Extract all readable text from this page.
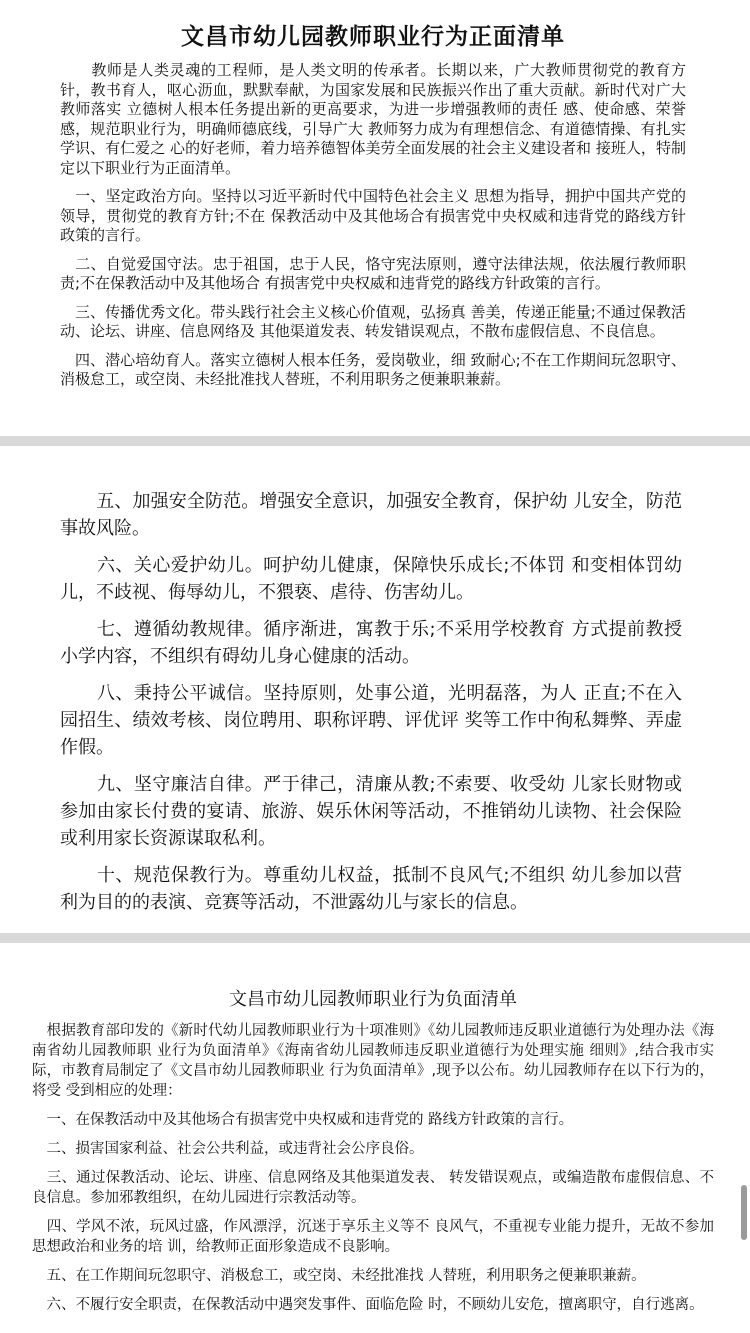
文昌市幼儿园教师职业行为正面清单

　　教师是人类灵魂的工程师，是人类文明的传承者。长期以来，广大教师贯彻党的教育方针，教书育人，呕心沥血，默默奉献，为国家发展和民族振兴作出了重大贡献。新时代对广大教师落实 立德树人根本任务提出新的更高要求，为进一步增强教师的责任 感、使命感、荣誉感，规范职业行为，明确师德底线，引导广大 教师努力成为有理想信念、有道德情操、有扎实学识、有仁爱之 心的好老师，着力培养德智体美劳全面发展的社会主义建设者和 接班人，特制定以下职业行为正面清单。

　一、坚定政治方向。坚持以习近平新时代中国特色社会主义 思想为指导，拥护中国共产党的领导，贯彻党的教育方针;不在 保教活动中及其他场合有损害党中央权威和违背党的路线方针 政策的言行。

　二、自觉爱国守法。忠于祖国，忠于人民，恪守宪法原则，遵守法律法规，依法履行教师职责;不在保教活动中及其他场合 有损害党中央权威和违背党的路线方针政策的言行。

　三、传播优秀文化。带头践行社会主义核心价值观，弘扬真 善美，传递正能量;不通过保教活动、论坛、讲座、信息网络及 其他渠道发表、转发错误观点，不散布虚假信息、不良信息。

　四、潜心培幼育人。落实立德树人根本任务，爱岗敬业，细 致耐心;不在工作期间玩忽职守、消极怠工，或空岗、未经批准找人替班，不利用职务之便兼职兼薪。

　　五、加强安全防范。增强安全意识，加强安全教育，保护幼 儿安全，防范事故风险。

　　六、关心爱护幼儿。呵护幼儿健康，保障快乐成长;不体罚 和变相体罚幼儿，不歧视、侮辱幼儿，不猥亵、虐待、伤害幼儿。

　　七、遵循幼教规律。循序渐进，寓教于乐;不采用学校教育 方式提前教授小学内容，不组织有碍幼儿身心健康的活动。

　　八、秉持公平诚信。坚持原则，处事公道，光明磊落，为人 正直;不在入园招生、绩效考核、岗位聘用、职称评聘、评优评 奖等工作中徇私舞弊、弄虚作假。

　　九、坚守廉洁自律。严于律己，清廉从教;不索要、收受幼 儿家长财物或参加由家长付费的宴请、旅游、娱乐休闲等活动，不推销幼儿读物、社会保险或利用家长资源谋取私利。

　　十、规范保教行为。尊重幼儿权益，抵制不良风气;不组织 幼儿参加以营利为目的的表演、竞赛等活动，不泄露幼儿与家长的信息。

文昌市幼儿园教师职业行为负面清单

　根据教育部印发的《新时代幼儿园教师职业行为十项准则》《幼儿园教师违反职业道德行为处理办法《海南省幼儿园教师职 业行为负面清单》《海南省幼儿园教师违反职业道德行为处理实施 细则》,结合我市实际，市教育局制定了《文昌市幼儿园教师职业 行为负面清单》,现予以公布。幼儿园教师存在以下行为的，将受 受到相应的处理：

　一、在保教活动中及其他场合有损害党中央权威和违背党的 路线方针政策的言行。

　二、损害国家利益、社会公共利益，或违背社会公序良俗。

　三、通过保教活动、论坛、讲座、信息网络及其他渠道发表、 转发错误观点，或编造散布虚假信息、不良信息。参加邪教组织，在幼儿园进行宗教活动等。

　四、学风不浓，玩风过盛，作风漂浮，沉迷于享乐主义等不 良风气，不重视专业能力提升，无故不参加思想政治和业务的培 训，给教师正面形象造成不良影响。

　五、在工作期间玩忽职守、消极怠工，或空岗、未经批准找 人替班，利用职务之便兼职兼薪。

　六、不履行安全职责，在保教活动中遇突发事件、面临危险 时，不顾幼儿安危，擅离职守，自行逃离。
